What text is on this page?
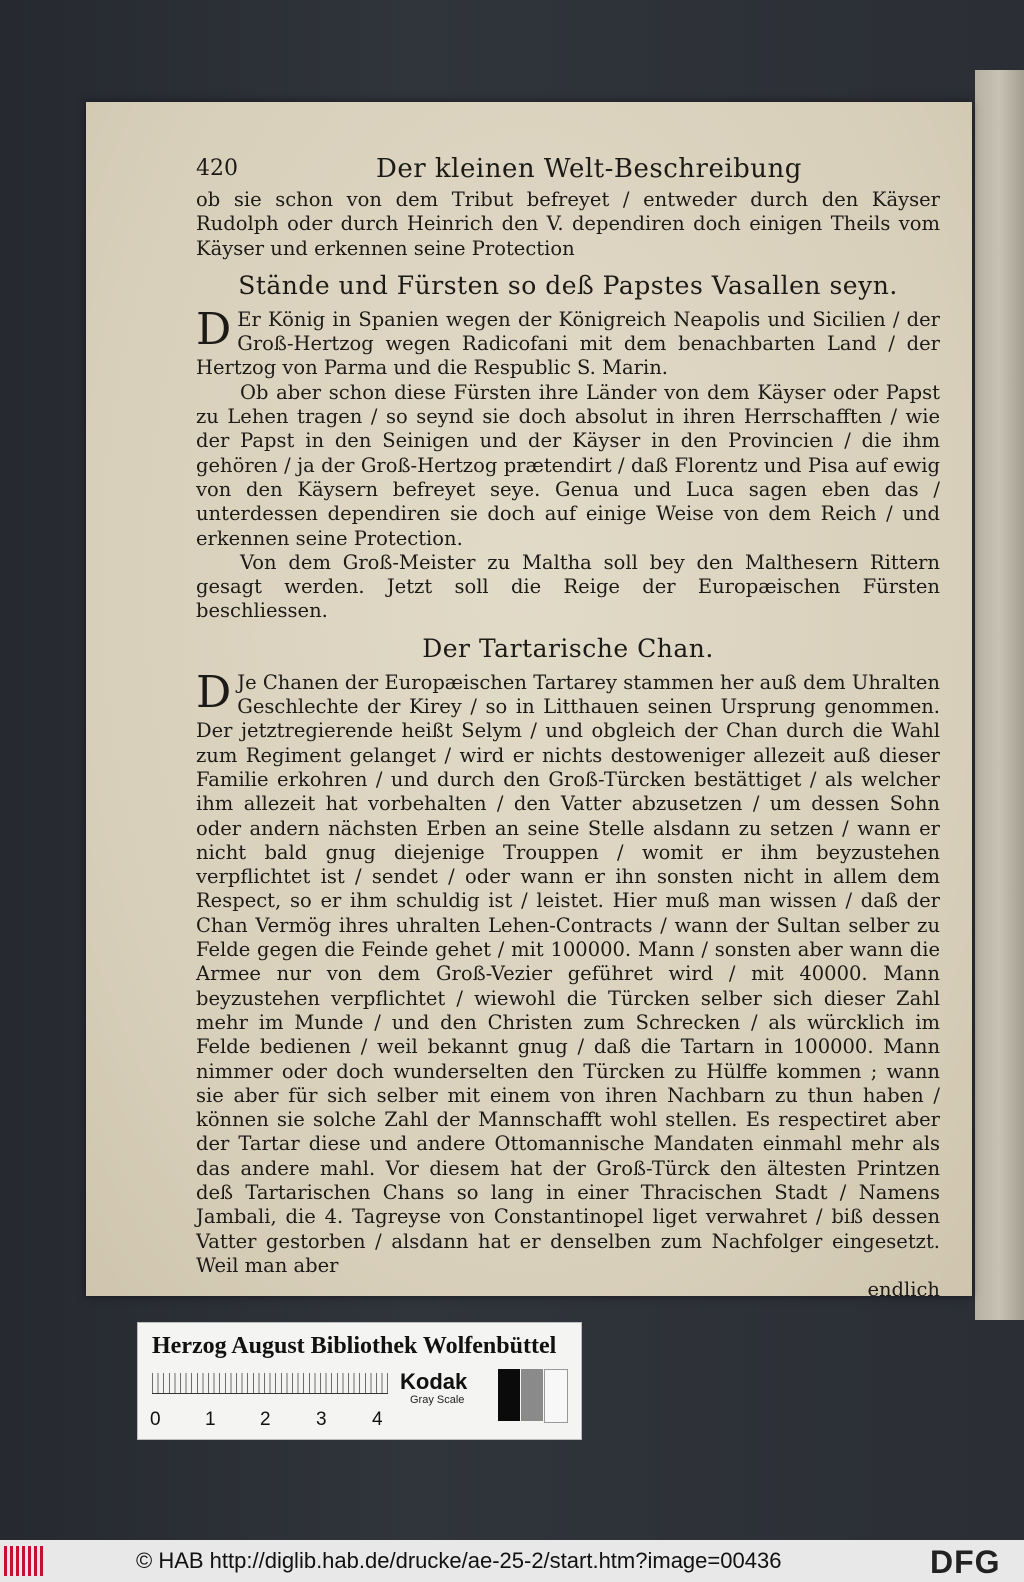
420	Der kleinen Welt-Beschreibung

ob sie schon von dem Tribut befreyet / entweder durch den Käyser Rudolph oder durch Heinrich den V. dependiren doch einigen Theils vom Käyser und erkennen seine Protection

Stände und Fürsten so deß Papstes Vasallen seyn.

DEr König in Spanien wegen der Königreich Neapolis und Sicilien / der Groß-Hertzog wegen Radicofani mit dem benachbarten Land / der Hertzog von Parma und die Respublic S. Marin.

Ob aber schon diese Fürsten ihre Länder von dem Käyser oder Papst zu Lehen tragen / so seynd sie doch absolut in ihren Herrschafften / wie der Papst in den Seinigen und der Käyser in den Provincien / die ihm gehören / ja der Groß-Hertzog prætendirt / daß Florentz und Pisa auf ewig von den Käysern befreyet seye. Genua und Luca sagen eben das / unterdessen dependiren sie doch auf einige Weise von dem Reich / und erkennen seine Protection.

Von dem Groß-Meister zu Maltha soll bey den Malthesern Rittern gesagt werden. Jetzt soll die Reige der Europæischen Fürsten beschliessen.

Der Tartarische Chan.

DJe Chanen der Europæischen Tartarey stammen her auß dem Uhralten Geschlechte der Kirey / so in Litthauen seinen Ursprung genommen. Der jetztregierende heißt Selym / und obgleich der Chan durch die Wahl zum Regiment gelanget / wird er nichts destoweniger allezeit auß dieser Familie erkohren / und durch den Groß-Türcken bestättiget / als welcher ihm allezeit hat vorbehalten / den Vatter abzusetzen / um dessen Sohn oder andern nächsten Erben an seine Stelle alsdann zu setzen / wann er nicht bald gnug diejenige Trouppen / womit er ihm beyzustehen verpflichtet ist / sendet / oder wann er ihn sonsten nicht in allem dem Respect, so er ihm schuldig ist / leistet. Hier muß man wissen / daß der Chan Vermög ihres uhralten Lehen-Contracts / wann der Sultan selber zu Felde gegen die Feinde gehet / mit 100000. Mann / sonsten aber wann die Armee nur von dem Groß-Vezier geführet wird / mit 40000. Mann beyzustehen verpflichtet / wiewohl die Türcken selber sich dieser Zahl mehr im Munde / und den Christen zum Schrecken / als würcklich im Felde bedienen / weil bekannt gnug / daß die Tartarn in 100000. Mann nimmer oder doch wunderselten den Türcken zu Hülffe kommen ; wann sie aber für sich selber mit einem von ihren Nachbarn zu thun haben / können sie solche Zahl der Mannschafft wohl stellen. Es respectiret aber der Tartar diese und andere Ottomannische Mandaten einmahl mehr als das andere mahl. Vor diesem hat der Groß-Türck den ältesten Printzen deß Tartarischen Chans so lang in einer Thracischen Stadt / Namens Jambali, die 4. Tagreyse von Constantinopel liget verwahret / biß dessen Vatter gestorben / alsdann hat er denselben zum Nachfolger eingesetzt. Weil man aber

endlich
Herzog August Bibliothek Wolfenbüttel
0 1 2 3 4
Kodak
Gray Scale
© HAB http://diglib.hab.de/drucke/ae-25-2/start.htm?image=00436	DFG
